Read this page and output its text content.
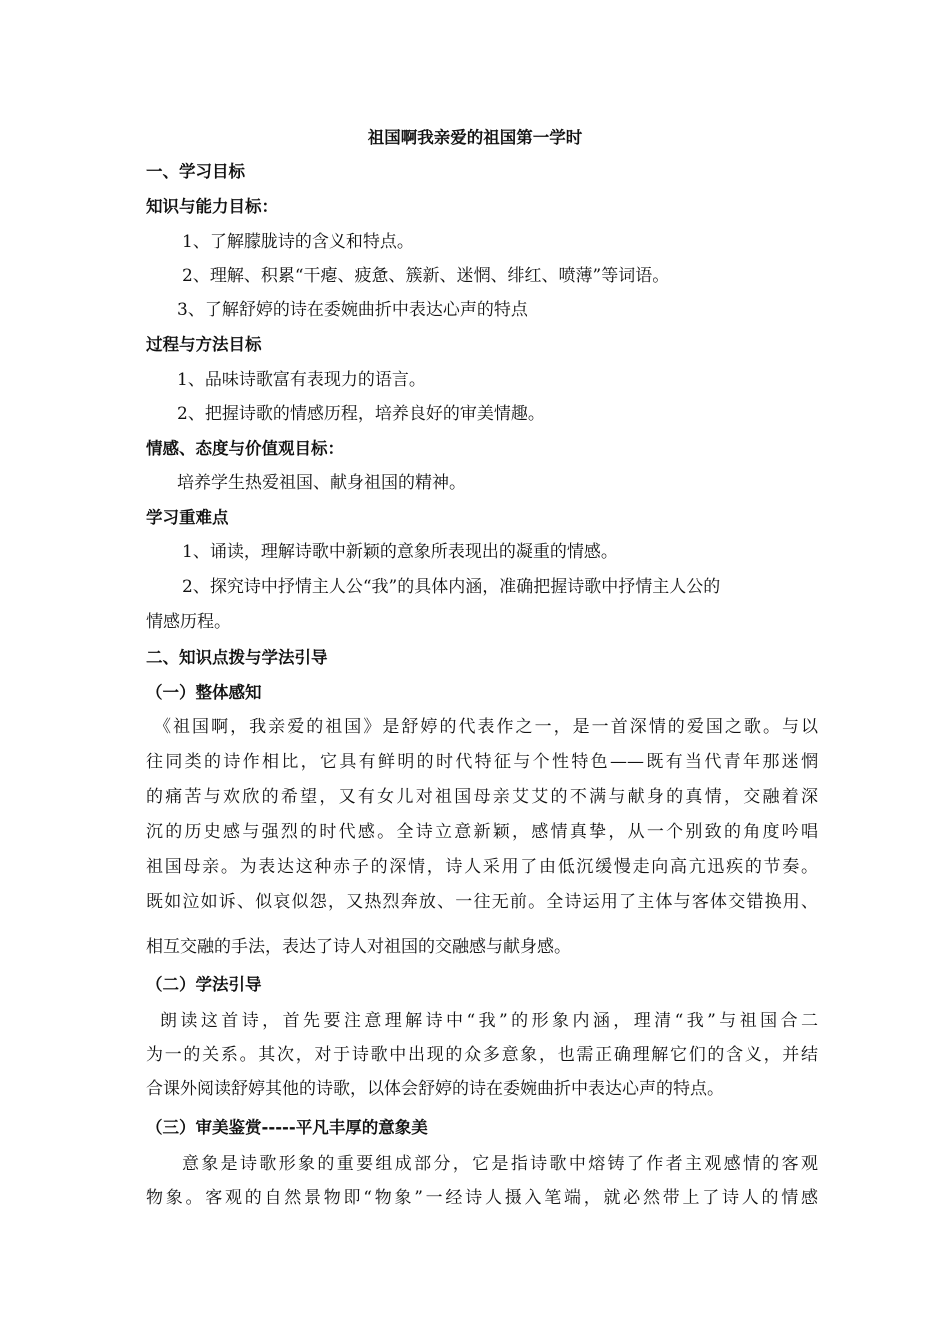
祖国啊我亲爱的祖国第一学时
一、学习目标
知识与能力目标：
1、了解朦胧诗的含义和特点。
2、理解、积累“干瘪、疲惫、簇新、迷惘、绯红、喷薄”等词语。
3、了解舒婷的诗在委婉曲折中表达心声的特点
过程与方法目标
1、品味诗歌富有表现力的语言。
2、把握诗歌的情感历程，培养良好的审美情趣。
情感、态度与价值观目标：
培养学生热爱祖国、献身祖国的精神。
学习重难点
1、诵读，理解诗歌中新颖的意象所表现出的凝重的情感。
2、探究诗中抒情主人公“我”的具体内涵，准确把握诗歌中抒情主人公的
情感历程。
二、知识点拨与学法引导
（一）整体感知
《祖国啊，我亲爱的祖国》是舒婷的代表作之一，是一首深情的爱国之歌。与以
往同类的诗作相比，它具有鲜明的时代特征与个性特色——既有当代青年那迷惘
的痛苦与欢欣的希望，又有女儿对祖国母亲艾艾的不满与献身的真情，交融着深
沉的历史感与强烈的时代感。全诗立意新颖，感情真挚，从一个别致的角度吟唱
祖国母亲。为表达这种赤子的深情，诗人采用了由低沉缓慢走向高亢迅疾的节奏。
既如泣如诉、似哀似怨，又热烈奔放、一往无前。全诗运用了主体与客体交错换用、
相互交融的手法，表达了诗人对祖国的交融感与献身感。
（二）学法引导
朗读这首诗，首先要注意理解诗中“我”的形象内涵，理清“我”与祖国合二
为一的关系。其次，对于诗歌中出现的众多意象，也需正确理解它们的含义，并结
合课外阅读舒婷其他的诗歌，以体会舒婷的诗在委婉曲折中表达心声的特点。
（三）审美鉴赏-----平凡丰厚的意象美
意象是诗歌形象的重要组成部分，它是指诗歌中熔铸了作者主观感情的客观
物象。客观的自然景物即“物象”一经诗人摄入笔端，就必然带上了诗人的情感
